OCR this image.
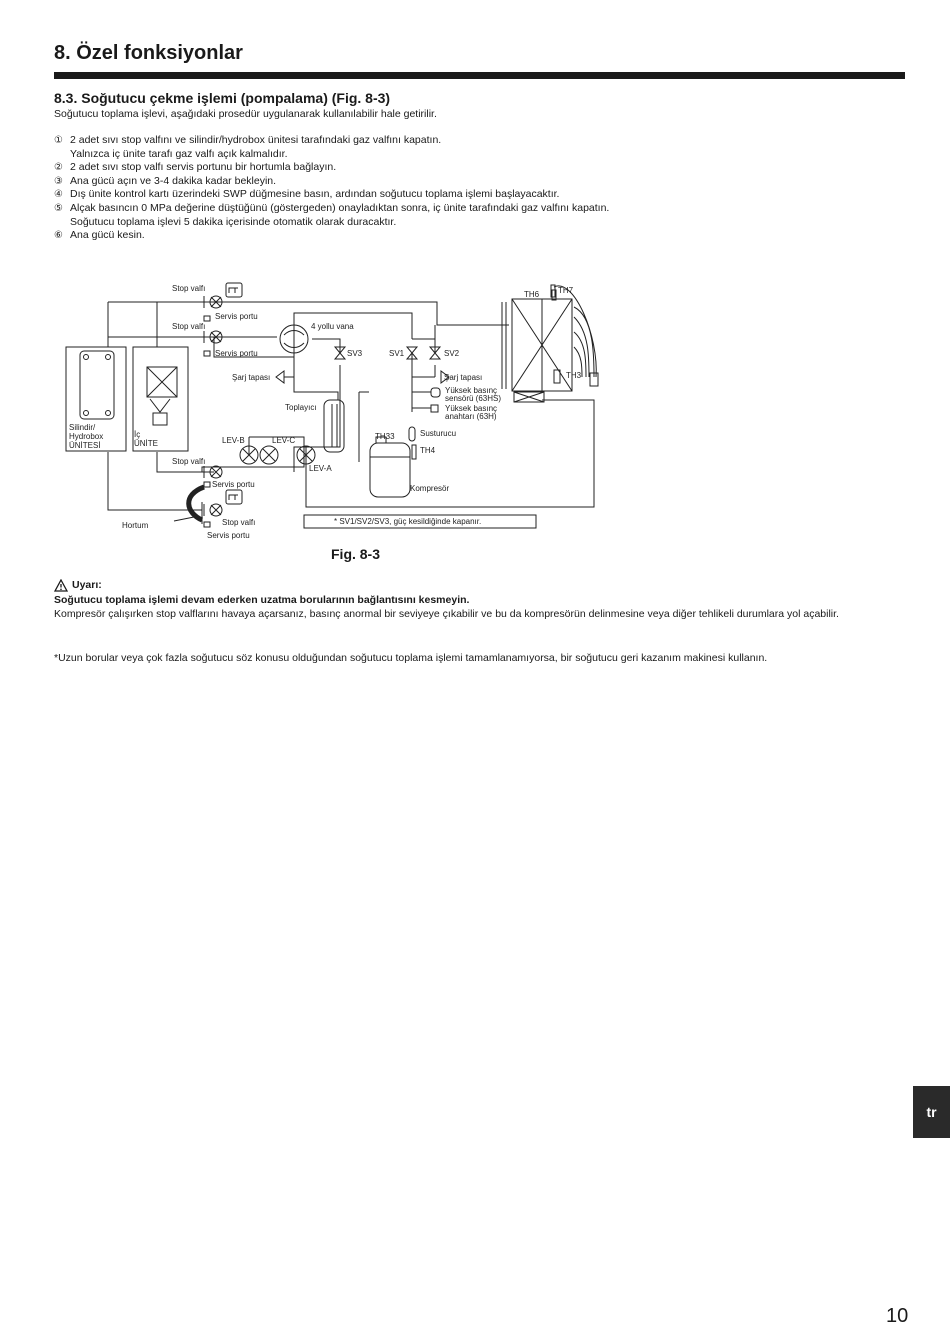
8. Özel fonksiyonlar
8.3. Soğutucu çekme işlemi (pompalama) (Fig. 8-3)
Soğutucu toplama işlevi, aşağıdaki prosedür uygulanarak kullanılabilir hale getirilir.
① 2 adet sıvı stop valfını ve silindir/hydrobox ünitesi tarafındaki gaz valfını kapatın.
Yalnızca iç ünite tarafı gaz valfı açık kalmalıdır.
② 2 adet sıvı stop valfı servis portunu bir hortumla bağlayın.
③ Ana gücü açın ve 3-4 dakika kadar bekleyin.
④ Dış ünite kontrol kartı üzerindeki SWP düğmesine basın, ardından soğutucu toplama işlemi başlayacaktır.
⑤ Alçak basıncın 0 MPa değerine düştüğünü (göstergeden) onayladıktan sonra, iç ünite tarafındaki gaz valfını kapatın.
Soğutucu toplama işlevi 5 dakika içerisinde otomatik olarak duracaktır.
⑥ Ana gücü kesin.
Stop valfı
Servis portu
Stop valfı
Servis portu
4 yollu vana
SV3	SV1	SV2
Şarj tapası	Şarj tapası
Yüksek basınç
sensörü (63HS)
Yüksek basınç
anahtarı (63H)
Toplayıcı
Susturucu
TH33
TH4
Kompresör
LEV-B	LEV-C
LEV-A
TH6 TH7
TH3
Silindir/
Hydrobox
ÜNİTESİ
İç
ÜNİTE
Stop valfı
Servis portu
Stop valfı
Servis portu
Hortum	* SV1/SV2/SV3, güç kesildiğinde kapanır.
Fig. 8-3
Uyarı:
Soğutucu toplama işlemi devam ederken uzatma borularının bağlantısını kesmeyin.
Kompresör çalışırken stop valflarını havaya açarsanız, basınç anormal bir seviyeye çıkabilir ve bu da kompresörün delinmesine veya diğer tehlikeli durumlara yol açabilir.
*Uzun borular veya çok fazla soğutucu söz konusu olduğundan soğutucu toplama işlemi tamamlanamıyorsa, bir soğutucu geri kazanım makinesi kullanın.
tr
10
